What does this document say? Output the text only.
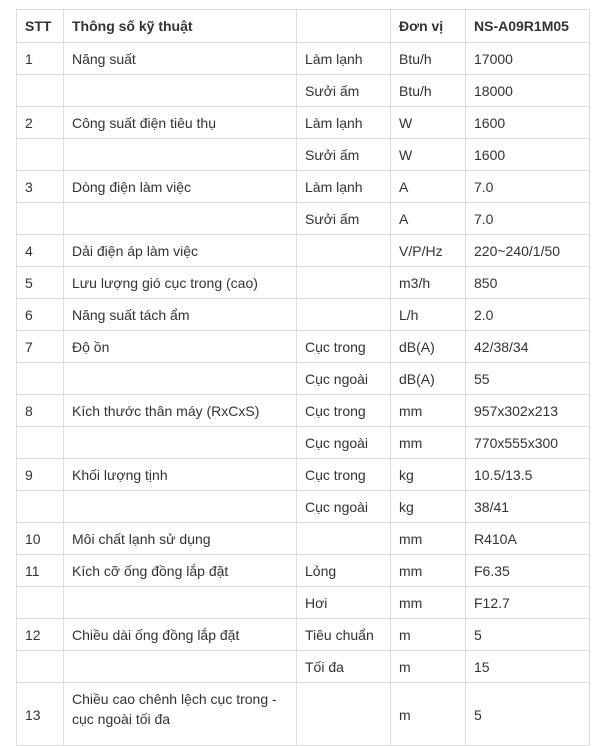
STT	Thông số kỹ thuật		Đơn vị	NS-A09R1M05
1	Năng suất	Làm lạnh	Btu/h	17000
		Sưởi ấm	Btu/h	18000
2	Công suất điện tiêu thụ	Làm lạnh	W	1600
		Sưởi ấm	W	1600
3	Dòng điện làm việc	Làm lạnh	A	7.0
		Sưởi ấm	A	7.0
4	Dải điện áp làm việc		V/P/Hz	220~240/1/50
5	Lưu lượng gió cục trong (cao)		m3/h	850
6	Năng suất tách ẩm		L/h	2.0
7	Độ ồn	Cục trong	dB(A)	42/38/34
		Cục ngoài	dB(A)	55
8	Kích thước thân máy (RxCxS)	Cục trong	mm	957x302x213
		Cục ngoài	mm	770x555x300
9	Khối lượng tịnh	Cục trong	kg	10.5/13.5
		Cục ngoài	kg	38/41
10	Môi chất lạnh sử dụng		mm	R410A
11	Kích cỡ ống đồng lắp đặt	Lỏng	mm	F6.35
		Hơi	mm	F12.7
12	Chiều dài ống đồng lắp đặt	Tiêu chuẩn	m	5
		Tối đa	m	15
13	Chiều cao chênh lệch cục trong - cục ngoài tối đa		m	5
